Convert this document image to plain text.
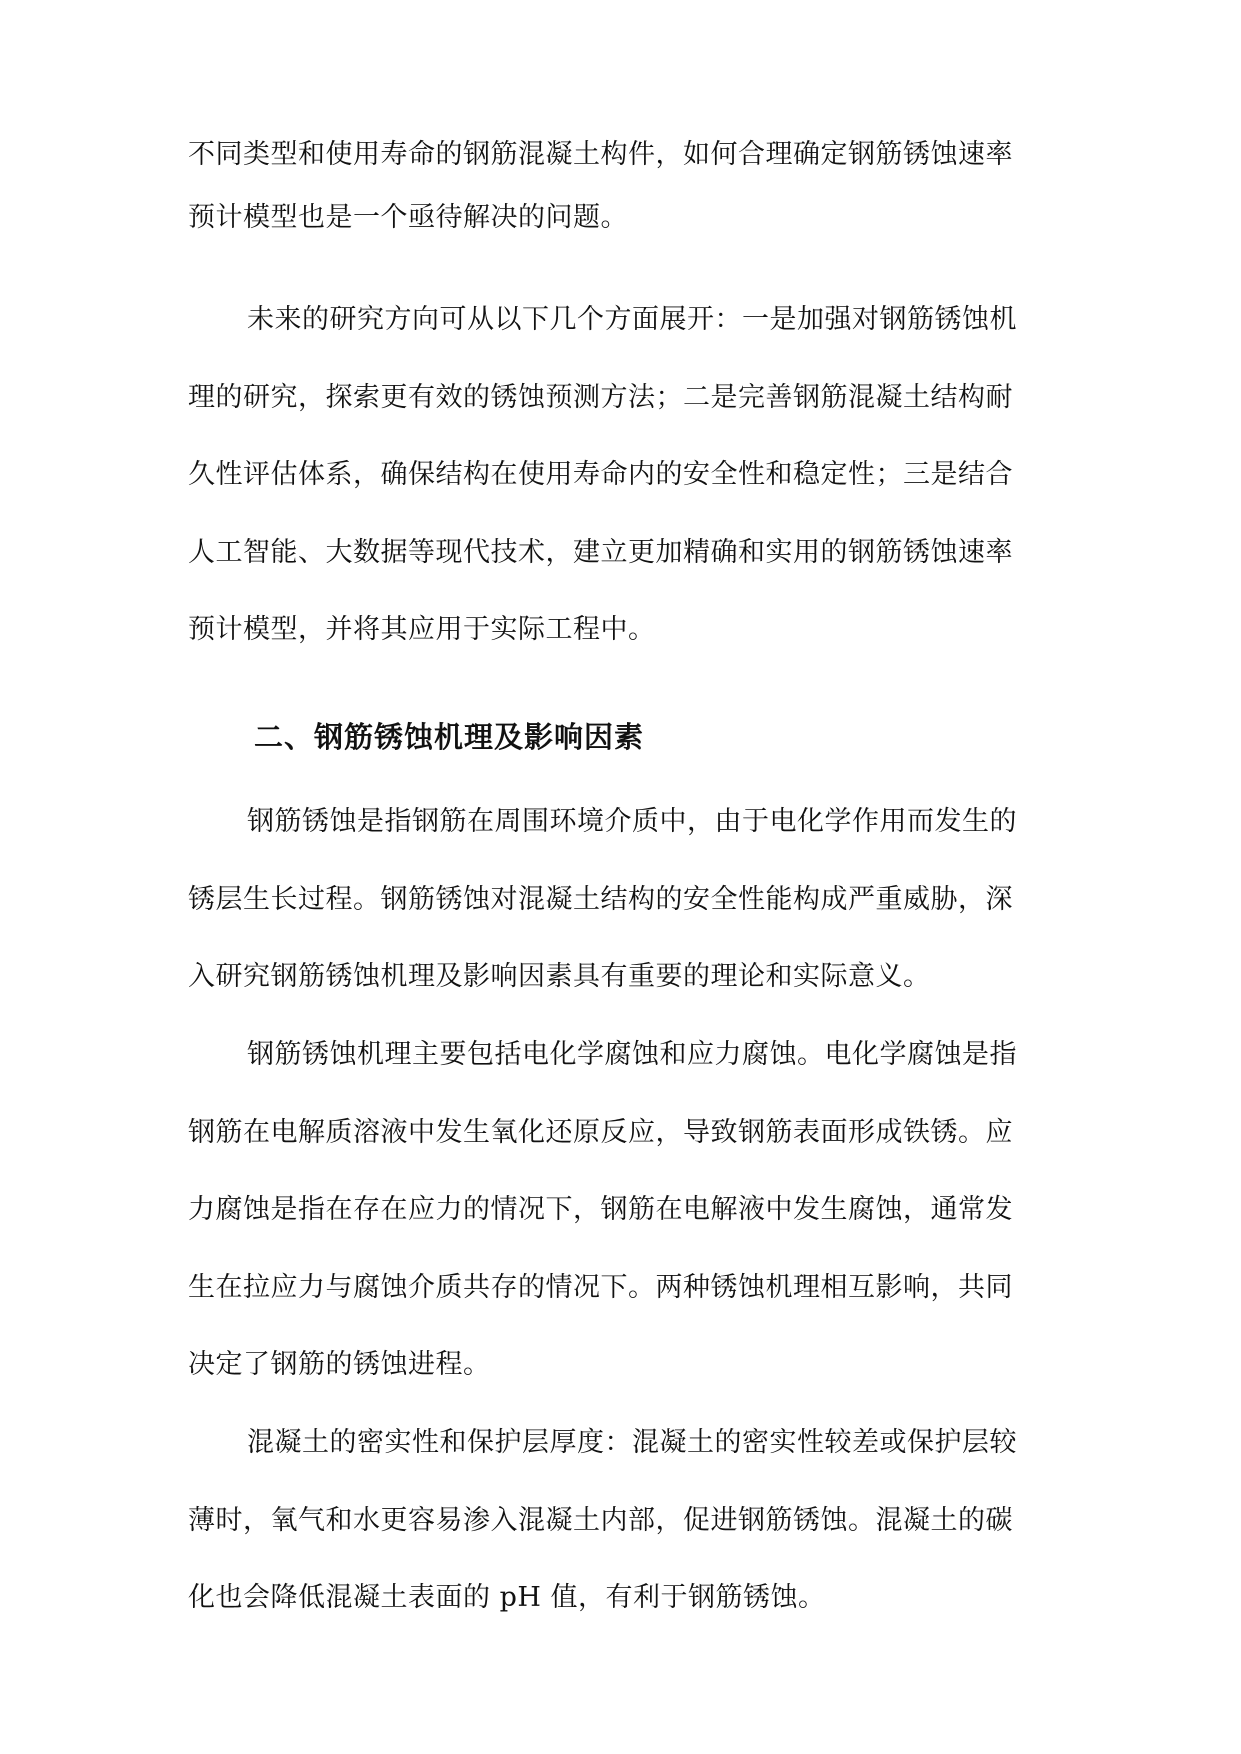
不同类型和使用寿命的钢筋混凝土构件，如何合理确定钢筋锈蚀速率
预计模型也是一个亟待解决的问题。
未来的研究方向可从以下几个方面展开：一是加强对钢筋锈蚀机
理的研究，探索更有效的锈蚀预测方法；二是完善钢筋混凝土结构耐
久性评估体系，确保结构在使用寿命内的安全性和稳定性；三是结合
人工智能、大数据等现代技术，建立更加精确和实用的钢筋锈蚀速率
预计模型，并将其应用于实际工程中。
二、钢筋锈蚀机理及影响因素
钢筋锈蚀是指钢筋在周围环境介质中，由于电化学作用而发生的
锈层生长过程。钢筋锈蚀对混凝土结构的安全性能构成严重威胁，深
入研究钢筋锈蚀机理及影响因素具有重要的理论和实际意义。
钢筋锈蚀机理主要包括电化学腐蚀和应力腐蚀。电化学腐蚀是指
钢筋在电解质溶液中发生氧化还原反应，导致钢筋表面形成铁锈。应
力腐蚀是指在存在应力的情况下，钢筋在电解液中发生腐蚀，通常发
生在拉应力与腐蚀介质共存的情况下。两种锈蚀机理相互影响，共同
决定了钢筋的锈蚀进程。
混凝土的密实性和保护层厚度：混凝土的密实性较差或保护层较
薄时，氧气和水更容易渗入混凝土内部，促进钢筋锈蚀。混凝土的碳
化也会降低混凝土表面的 pH 值，有利于钢筋锈蚀。
